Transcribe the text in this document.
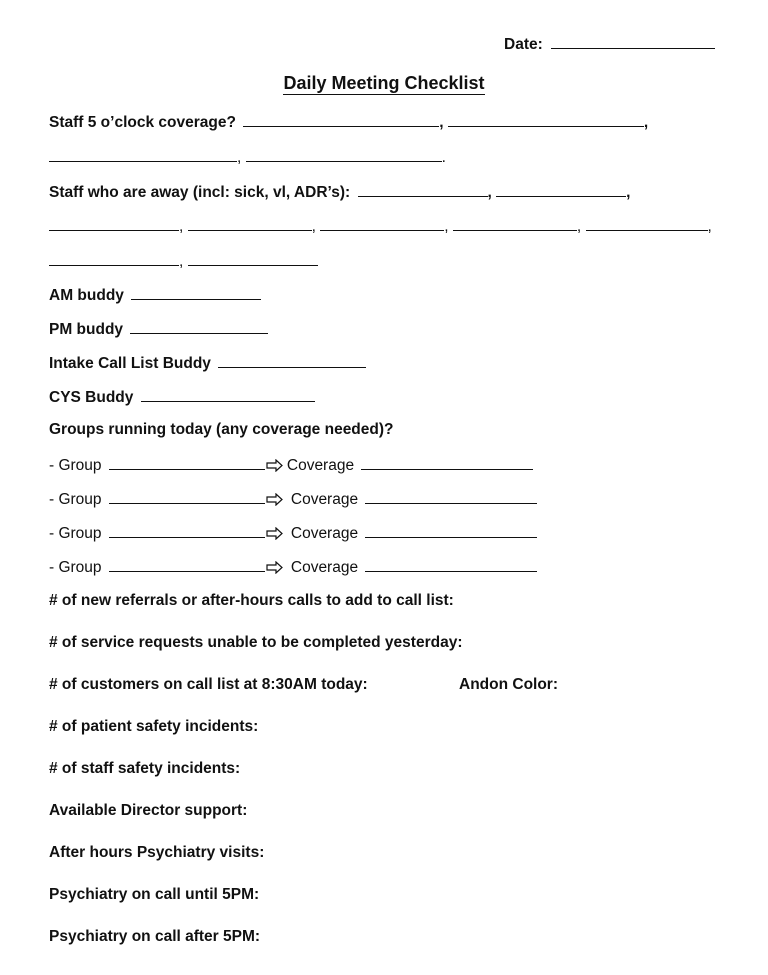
Date:
Daily Meeting Checklist
Staff 5 o’clock coverage?	,	,
,	.
Staff who are away (incl: sick, vl, ADR’s):	,	,
,	,	,	,	,
,
AM buddy
PM buddy
Intake Call List Buddy
CYS Buddy
Groups running today (any coverage needed)?
- Group	Coverage
- Group	Coverage
- Group	Coverage
- Group	Coverage
# of new referrals or after-hours calls to add to call list:
# of service requests unable to be completed yesterday:
# of customers on call list at 8:30AM today:	Andon Color:
# of patient safety incidents:
# of staff safety incidents:
Available Director support:
After hours Psychiatry visits:
Psychiatry on call until 5PM:
Psychiatry on call after 5PM:
